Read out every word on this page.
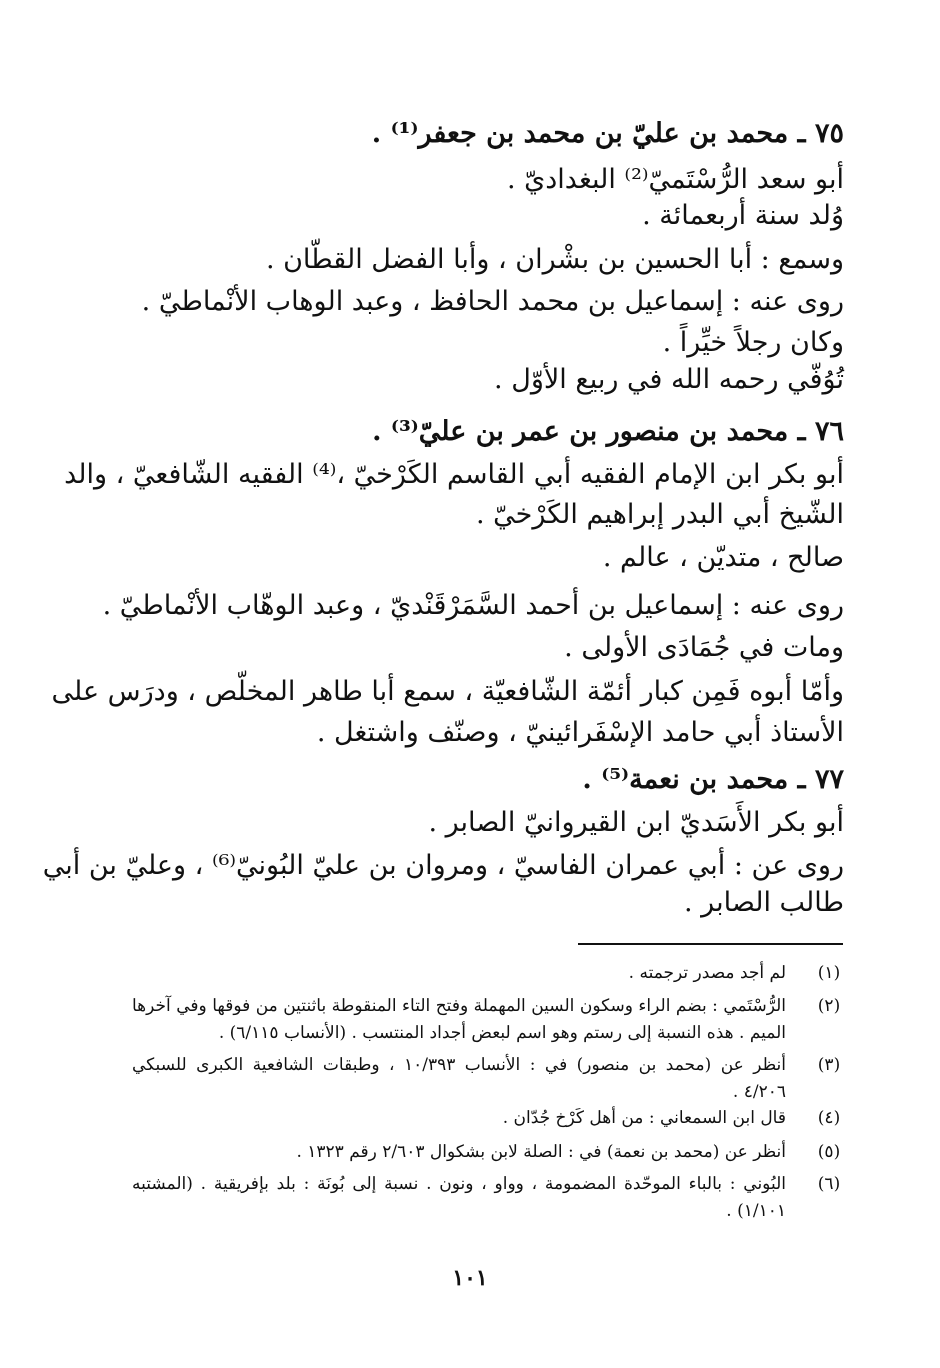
٧٥ ـ محمد بن عليّ بن محمد بن جعفر⁽¹⁾ .
أبو سعد الرُّسْتَميّ⁽²⁾ البغداديّ .
وُلد سنة أربعمائة .
وسمع : أبا الحسين بن بشْران ، وأبا الفضل القطّان .
روى عنه : إسماعيل بن محمد الحافظ ، وعبد الوهاب الأنْماطيّ .
وكان رجلاً خيِّراً .
تُوُفّي رحمه الله في ربيع الأوّل .
٧٦ ـ محمد بن منصور بن عمر بن عليّ⁽³⁾ .
أبو بكر ابن الإمام الفقيه أبي القاسم الكَرْخيّ ،⁽⁴⁾ الفقيه الشّافعيّ ، والد
الشّيخ أبي البدر إبراهيم الكَرْخيّ .
صالح ، متديّن ، عالم .
روى عنه : إسماعيل بن أحمد السَّمَرْقَنْديّ ، وعبد الوهّاب الأنْماطيّ .
ومات في جُمَادَى الأولى .
وأمّا أبوه فَمِن كبار أئمّة الشّافعيّة ، سمع أبا طاهر المخلّص ، ودرَس على
الأستاذ أبي حامد الإسْفَرائينيّ ، وصنّف واشتغل .
٧٧ ـ محمد بن نعمة⁽⁵⁾ .
أبو بكر الأَسَديّ ابن القيروانيّ الصابر .
روى عن : أبي عمران الفاسيّ ، ومروان بن عليّ البُونيّ⁽⁶⁾ ، وعليّ بن أبي
طالب الصابر .
(١)
لم أجد مصدر ترجمته .
(٢)
الرُّسْتَمي : بضم الراء وسكون السين المهملة وفتح التاء المنقوطة باثنتين من فوقها وفي آخرها
الميم . هذه النسبة إلى رستم وهو اسم لبعض أجداد المنتسب . (الأنساب ٦/١١٥) .
(٣)
أنظر عن (محمد بن منصور) في : الأنساب ١٠/٣٩٣ ، وطبقات الشافعية الكبرى للسبكي
٤/٢٠٦ .
(٤)
قال ابن السمعاني : من أهل كَرْخ جُدّان .
(٥)
أنظر عن (محمد بن نعمة) في : الصلة لابن بشكوال ٢/٦٠٣ رقم ١٣٢٣ .
(٦)
البُوني : بالباء الموحّدة المضمومة ، وواو ، ونون . نسبة إلى بُونَة : بلد بإفريقية . (المشتبه
١/١٠١) .
١٠١
